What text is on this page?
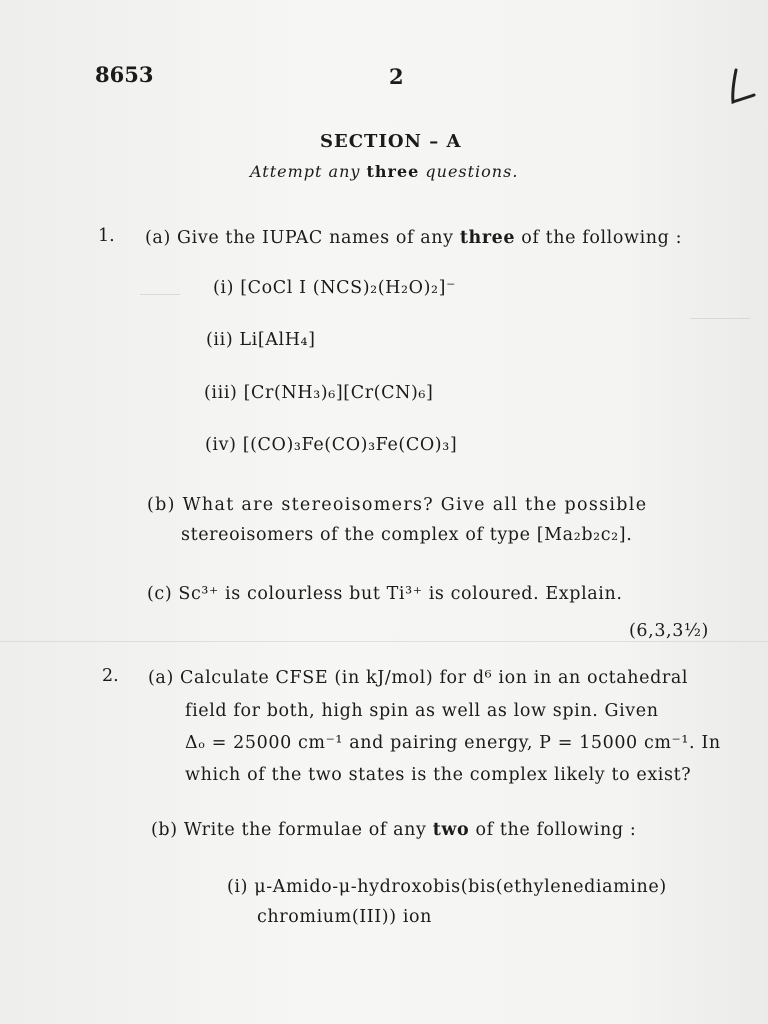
8653	2
SECTION – A
Attempt any three questions.
1. (a) Give the IUPAC names of any three of the following :
(i) [CoCl I (NCS)₂(H₂O)₂]⁻
(ii) Li[AlH₄]
(iii) [Cr(NH₃)₆][Cr(CN)₆]
(iv) [(CO)₃Fe(CO)₃Fe(CO)₃]
(b) What are stereoisomers? Give all the possible
stereoisomers of the complex of type [Ma₂b₂c₂].
(c) Sc³⁺ is colourless but Ti³⁺ is coloured. Explain.
(6,3,3½)
2. (a) Calculate CFSE (in kJ/mol) for d⁶ ion in an octahedral
field for both, high spin as well as low spin. Given
Δₒ = 25000 cm⁻¹ and pairing energy, P = 15000 cm⁻¹. In
which of the two states is the complex likely to exist?
(b) Write the formulae of any two of the following :
(i) μ-Amido-μ-hydroxobis(bis(ethylenediamine)
chromium(III)) ion
